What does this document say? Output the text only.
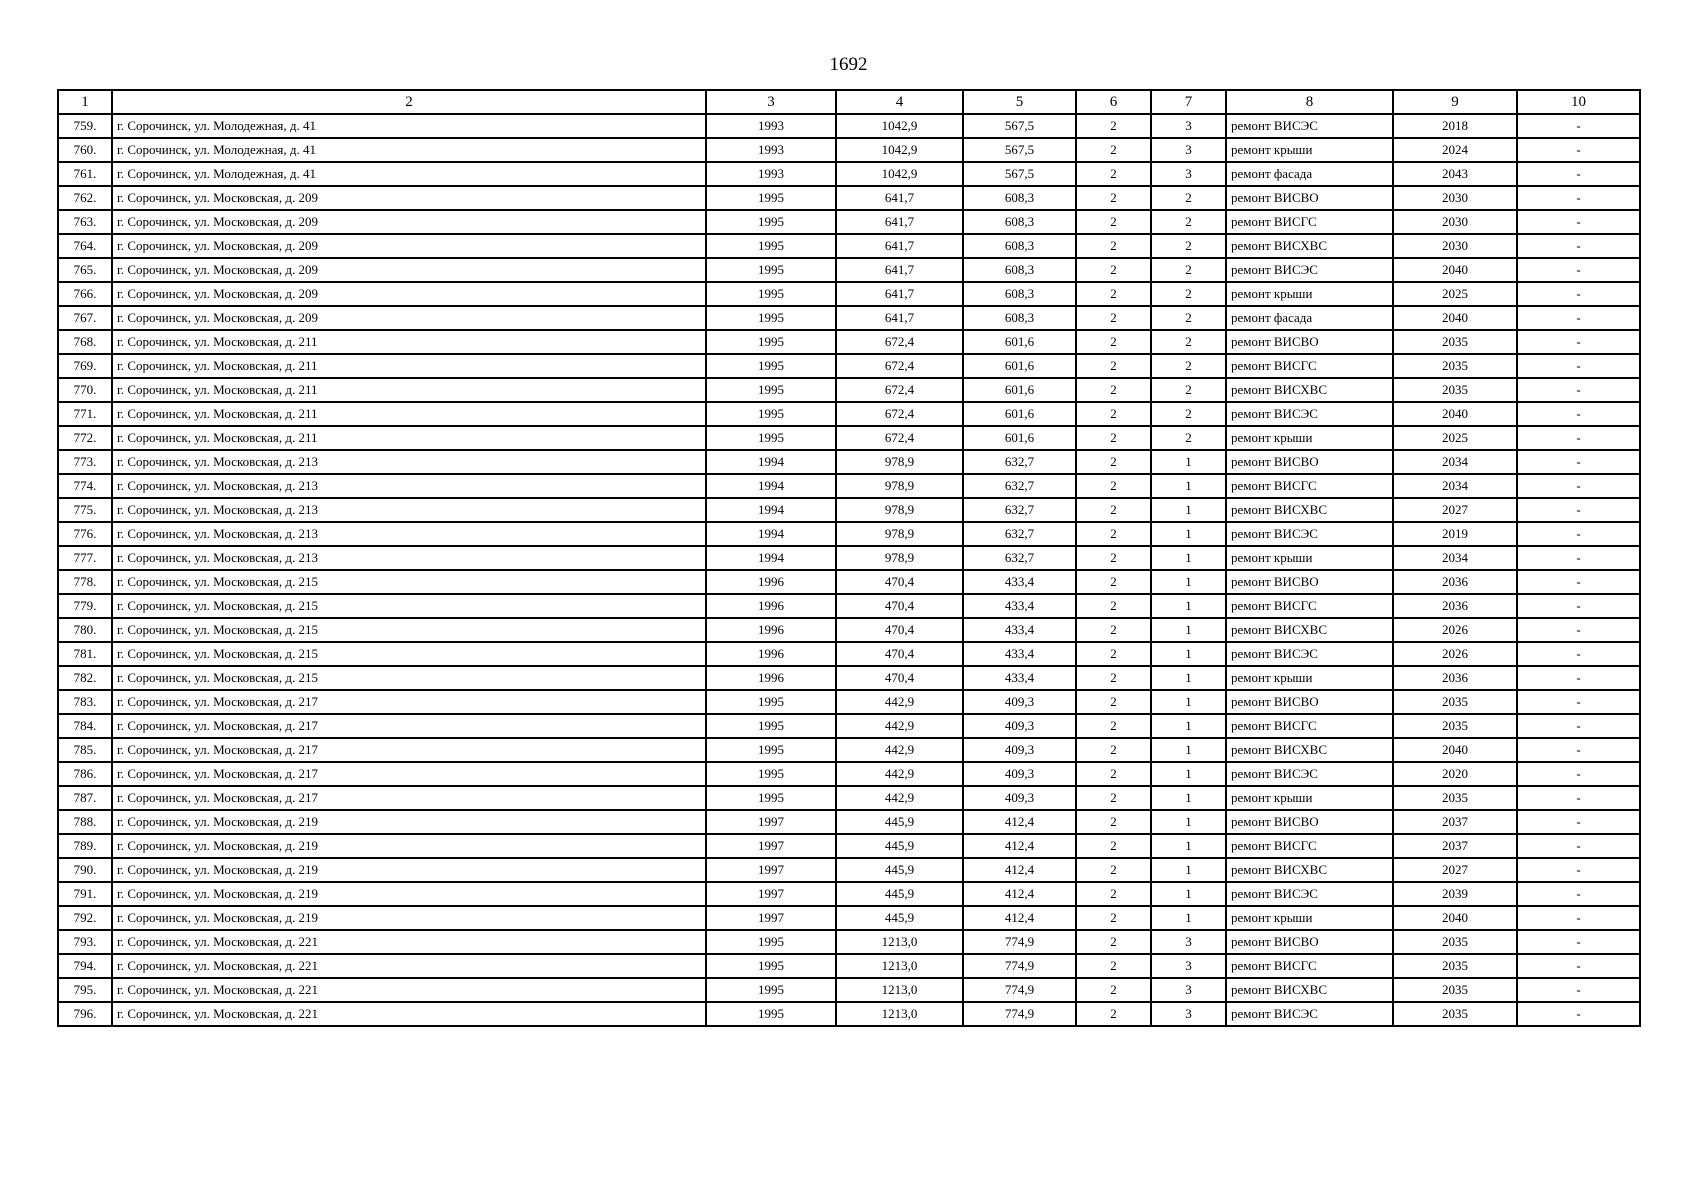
1692
1	2	3	4	5	6	7	8	9	10
759.	г. Сорочинск, ул. Молодежная, д. 41	1993	1042,9	567,5	2	3	ремонт ВИСЭС	2018	-
760.	г. Сорочинск, ул. Молодежная, д. 41	1993	1042,9	567,5	2	3	ремонт крыши	2024	-
761.	г. Сорочинск, ул. Молодежная, д. 41	1993	1042,9	567,5	2	3	ремонт фасада	2043	-
762.	г. Сорочинск, ул. Московская, д. 209	1995	641,7	608,3	2	2	ремонт ВИСВО	2030	-
763.	г. Сорочинск, ул. Московская, д. 209	1995	641,7	608,3	2	2	ремонт ВИСГС	2030	-
764.	г. Сорочинск, ул. Московская, д. 209	1995	641,7	608,3	2	2	ремонт ВИСХВС	2030	-
765.	г. Сорочинск, ул. Московская, д. 209	1995	641,7	608,3	2	2	ремонт ВИСЭС	2040	-
766.	г. Сорочинск, ул. Московская, д. 209	1995	641,7	608,3	2	2	ремонт крыши	2025	-
767.	г. Сорочинск, ул. Московская, д. 209	1995	641,7	608,3	2	2	ремонт фасада	2040	-
768.	г. Сорочинск, ул. Московская, д. 211	1995	672,4	601,6	2	2	ремонт ВИСВО	2035	-
769.	г. Сорочинск, ул. Московская, д. 211	1995	672,4	601,6	2	2	ремонт ВИСГС	2035	-
770.	г. Сорочинск, ул. Московская, д. 211	1995	672,4	601,6	2	2	ремонт ВИСХВС	2035	-
771.	г. Сорочинск, ул. Московская, д. 211	1995	672,4	601,6	2	2	ремонт ВИСЭС	2040	-
772.	г. Сорочинск, ул. Московская, д. 211	1995	672,4	601,6	2	2	ремонт крыши	2025	-
773.	г. Сорочинск, ул. Московская, д. 213	1994	978,9	632,7	2	1	ремонт ВИСВО	2034	-
774.	г. Сорочинск, ул. Московская, д. 213	1994	978,9	632,7	2	1	ремонт ВИСГС	2034	-
775.	г. Сорочинск, ул. Московская, д. 213	1994	978,9	632,7	2	1	ремонт ВИСХВС	2027	-
776.	г. Сорочинск, ул. Московская, д. 213	1994	978,9	632,7	2	1	ремонт ВИСЭС	2019	-
777.	г. Сорочинск, ул. Московская, д. 213	1994	978,9	632,7	2	1	ремонт крыши	2034	-
778.	г. Сорочинск, ул. Московская, д. 215	1996	470,4	433,4	2	1	ремонт ВИСВО	2036	-
779.	г. Сорочинск, ул. Московская, д. 215	1996	470,4	433,4	2	1	ремонт ВИСГС	2036	-
780.	г. Сорочинск, ул. Московская, д. 215	1996	470,4	433,4	2	1	ремонт ВИСХВС	2026	-
781.	г. Сорочинск, ул. Московская, д. 215	1996	470,4	433,4	2	1	ремонт ВИСЭС	2026	-
782.	г. Сорочинск, ул. Московская, д. 215	1996	470,4	433,4	2	1	ремонт крыши	2036	-
783.	г. Сорочинск, ул. Московская, д. 217	1995	442,9	409,3	2	1	ремонт ВИСВО	2035	-
784.	г. Сорочинск, ул. Московская, д. 217	1995	442,9	409,3	2	1	ремонт ВИСГС	2035	-
785.	г. Сорочинск, ул. Московская, д. 217	1995	442,9	409,3	2	1	ремонт ВИСХВС	2040	-
786.	г. Сорочинск, ул. Московская, д. 217	1995	442,9	409,3	2	1	ремонт ВИСЭС	2020	-
787.	г. Сорочинск, ул. Московская, д. 217	1995	442,9	409,3	2	1	ремонт крыши	2035	-
788.	г. Сорочинск, ул. Московская, д. 219	1997	445,9	412,4	2	1	ремонт ВИСВО	2037	-
789.	г. Сорочинск, ул. Московская, д. 219	1997	445,9	412,4	2	1	ремонт ВИСГС	2037	-
790.	г. Сорочинск, ул. Московская, д. 219	1997	445,9	412,4	2	1	ремонт ВИСХВС	2027	-
791.	г. Сорочинск, ул. Московская, д. 219	1997	445,9	412,4	2	1	ремонт ВИСЭС	2039	-
792.	г. Сорочинск, ул. Московская, д. 219	1997	445,9	412,4	2	1	ремонт крыши	2040	-
793.	г. Сорочинск, ул. Московская, д. 221	1995	1213,0	774,9	2	3	ремонт ВИСВО	2035	-
794.	г. Сорочинск, ул. Московская, д. 221	1995	1213,0	774,9	2	3	ремонт ВИСГС	2035	-
795.	г. Сорочинск, ул. Московская, д. 221	1995	1213,0	774,9	2	3	ремонт ВИСХВС	2035	-
796.	г. Сорочинск, ул. Московская, д. 221	1995	1213,0	774,9	2	3	ремонт ВИСЭС	2035	-
